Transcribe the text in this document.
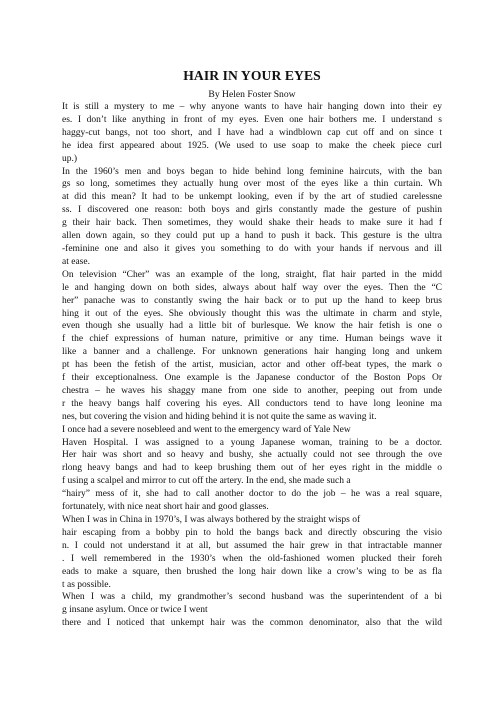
HAIR IN YOUR EYES
By Helen Foster Snow
It is still a mystery to me – why anyone wants to have hair hanging down into their ey
es. I don’t like anything in front of my eyes. Even one hair bothers me. I understand s
haggy-cut bangs, not too short, and I have had a windblown cap cut off and on since t
he idea first appeared about 1925. (We used to use soap to make the cheek piece curl
up.)
In the 1960’s men and boys began to hide behind long feminine haircuts, with the ban
gs so long, sometimes they actually hung over most of the eyes like a thin curtain. Wh
at did this mean? It had to be unkempt looking, even if by the art of studied carelessne
ss. I discovered one reason: both boys and girls constantly made the gesture of pushin
g their hair back. Then sometimes, they would shake their heads to make sure it had f
allen down again, so they could put up a hand to push it back. This gesture is the ultra
-feminine one and also it gives you something to do with your hands if nervous and ill
at ease.
On television “Cher” was an example of the long, straight, flat hair parted in the midd
le and hanging down on both sides, always about half way over the eyes. Then the “C
her” panache was to constantly swing the hair back or to put up the hand to keep brus
hing it out of the eyes. She obviously thought this was the ultimate in charm and style,
even though she usually had a little bit of burlesque. We know the hair fetish is one o
f the chief expressions of human nature, primitive or any time. Human beings wave it
like a banner and a challenge. For unknown generations hair hanging long and unkem
pt has been the fetish of the artist, musician, actor and other off-beat types, the mark o
f their exceptionalness. One example is the Japanese conductor of the Boston Pops Or
chestra – he waves his shaggy mane from one side to another, peeping out from unde
r the heavy bangs half covering his eyes. All conductors tend to have long leonine ma
nes, but covering the vision and hiding behind it is not quite the same as waving it.
I once had a severe nosebleed and went to the emergency ward of Yale New
Haven Hospital. I was assigned to a young Japanese woman, training to be a doctor.
Her hair was short and so heavy and bushy, she actually could not see through the ove
rlong heavy bangs and had to keep brushing them out of her eyes right in the middle o
f using a scalpel and mirror to cut off the artery. In the end, she made such a
“hairy” mess of it, she had to call another doctor to do the job – he was a real square,
fortunately, with nice neat short hair and good glasses.
When I was in China in 1970’s, I was always bothered by the straight wisps of
hair escaping from a bobby pin to hold the bangs back and directly obscuring the visio
n. I could not understand it at all, but assumed the hair grew in that intractable manner
. I well remembered in the 1930’s when the old-fashioned women plucked their foreh
eads to make a square, then brushed the long hair down like a crow’s wing to be as fla
t as possible.
When I was a child, my grandmother’s second husband was the superintendent of a bi
g insane asylum. Once or twice I went
there and I noticed that unkempt hair was the common denominator, also that the wild
